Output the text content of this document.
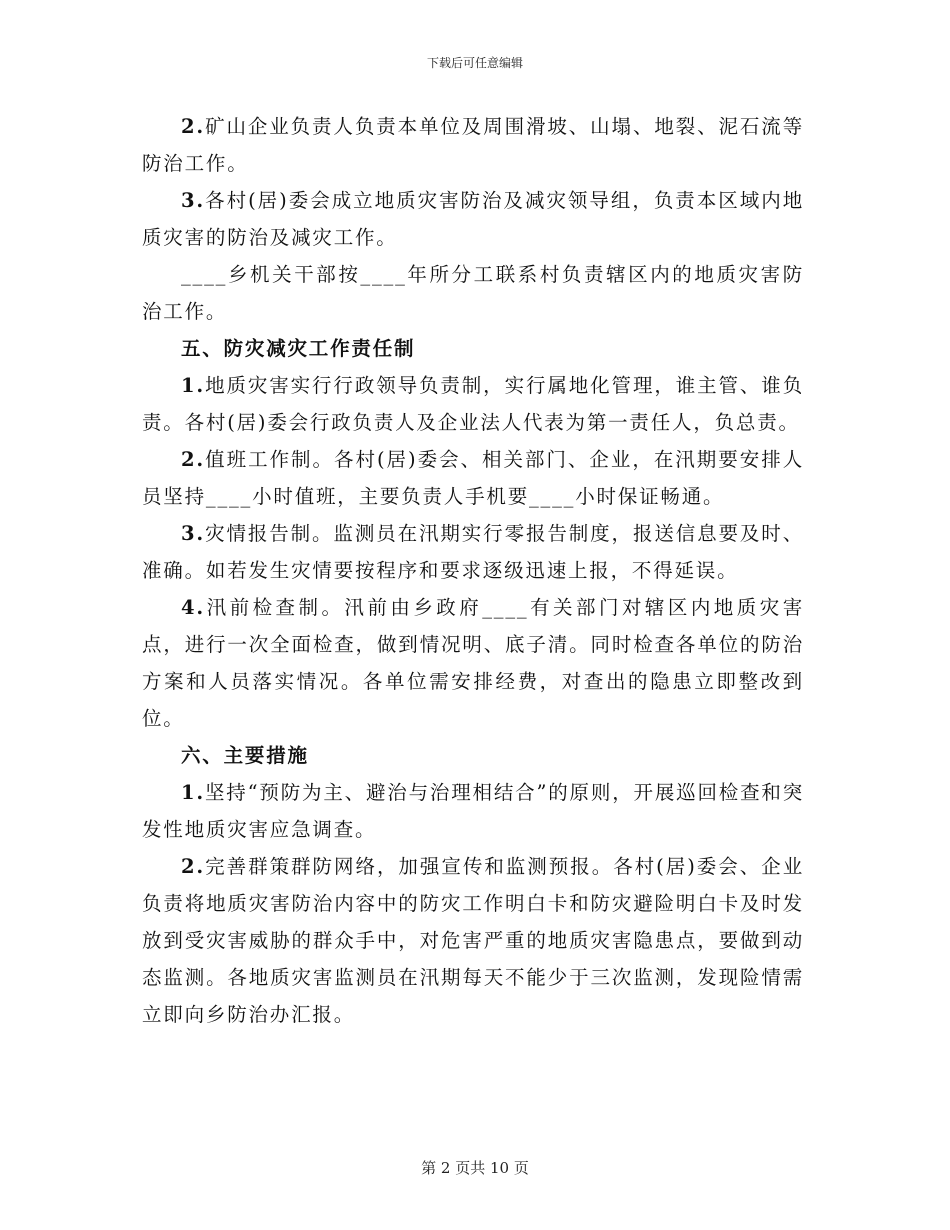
下载后可任意编辑

2.矿山企业负责人负责本单位及周围滑坡、山塌、地裂、泥石流等防治工作。

3.各村(居)委会成立地质灾害防治及减灾领导组，负责本区域内地质灾害的防治及减灾工作。

____乡机关干部按____年所分工联系村负责辖区内的地质灾害防治工作。

五、防灾减灾工作责任制

1.地质灾害实行行政领导负责制，实行属地化管理，谁主管、谁负责。各村(居)委会行政负责人及企业法人代表为第一责任人，负总责。

2.值班工作制。各村(居)委会、相关部门、企业，在汛期要安排人员坚持____小时值班，主要负责人手机要____小时保证畅通。

3.灾情报告制。监测员在汛期实行零报告制度，报送信息要及时、准确。如若发生灾情要按程序和要求逐级迅速上报，不得延误。

4.汛前检查制。汛前由乡政府____有关部门对辖区内地质灾害点，进行一次全面检查，做到情况明、底子清。同时检查各单位的防治方案和人员落实情况。各单位需安排经费，对查出的隐患立即整改到位。

六、主要措施

1.坚持“预防为主、避治与治理相结合”的原则，开展巡回检查和突发性地质灾害应急调查。

2.完善群策群防网络，加强宣传和监测预报。各村(居)委会、企业负责将地质灾害防治内容中的防灾工作明白卡和防灾避险明白卡及时发放到受灾害威胁的群众手中，对危害严重的地质灾害隐患点，要做到动态监测。各地质灾害监测员在汛期每天不能少于三次监测，发现险情需立即向乡防治办汇报。

第 2 页共 10 页
